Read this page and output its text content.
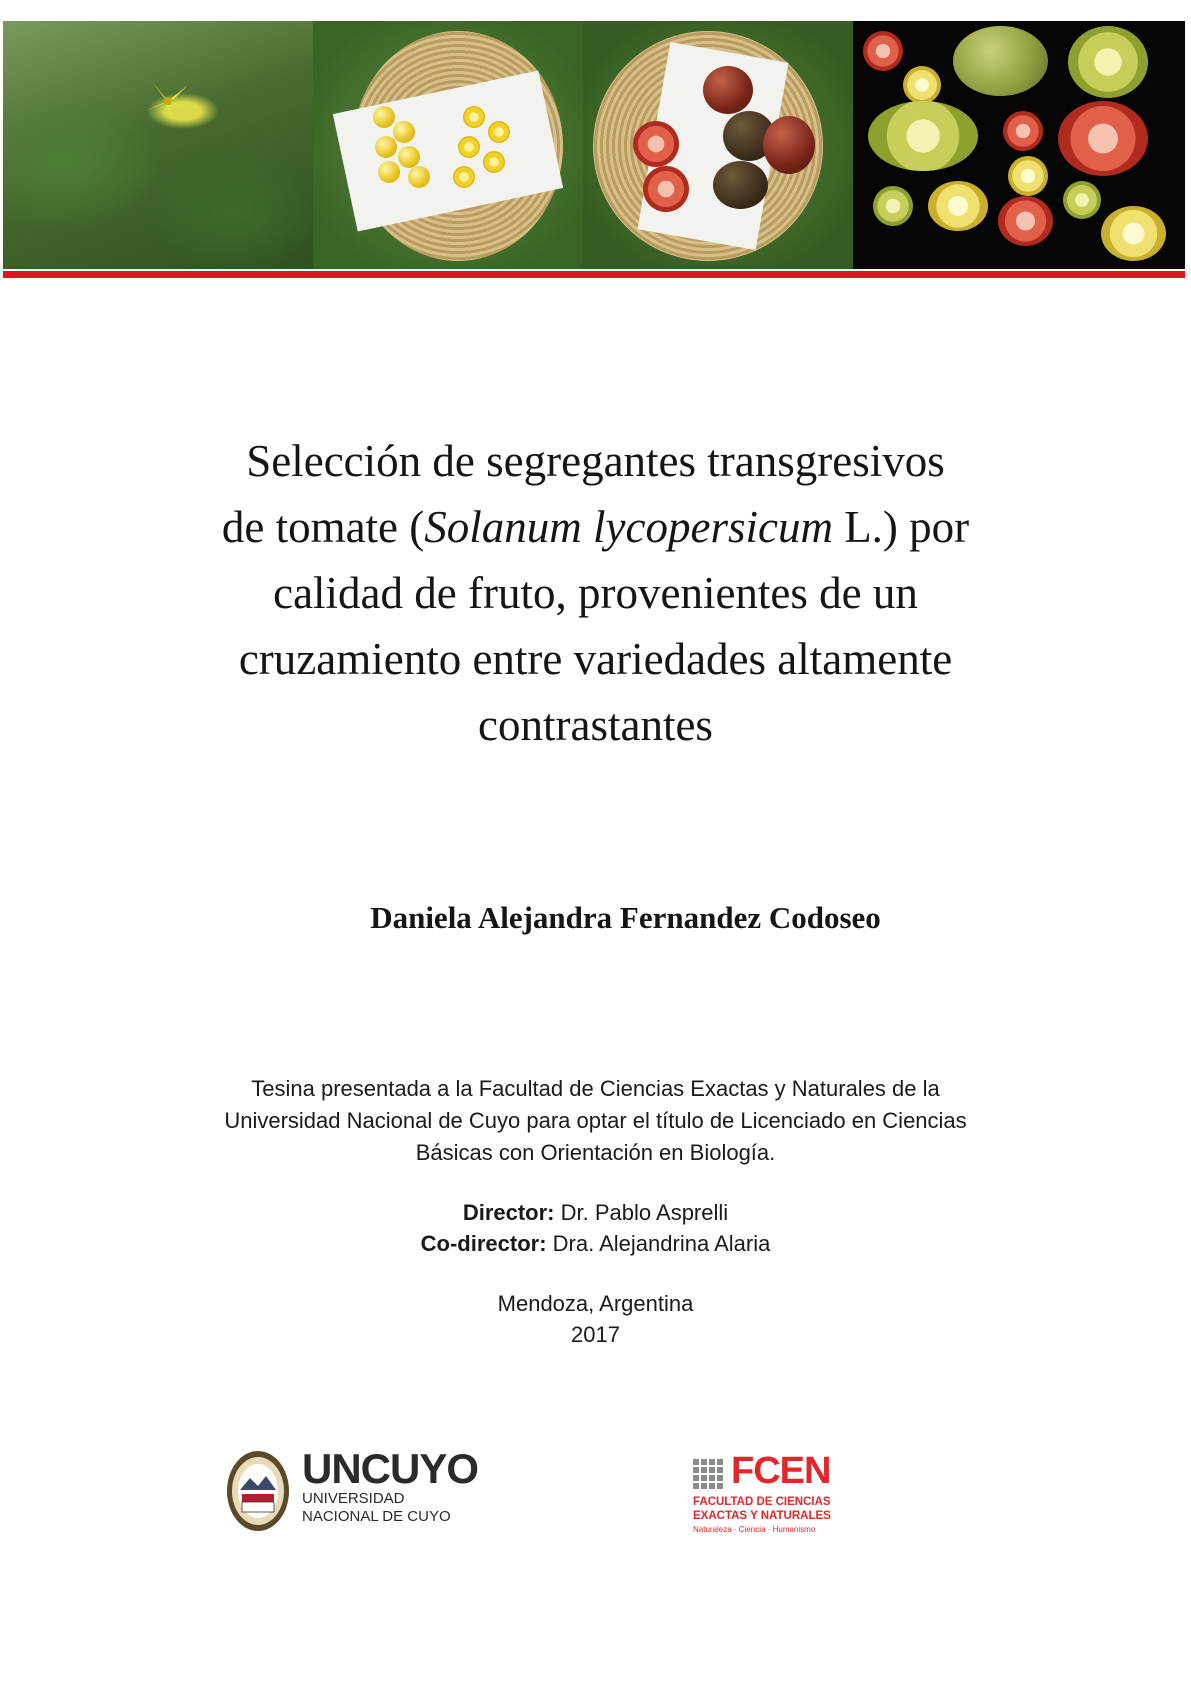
Selección de segregantes transgresivos
de tomate (Solanum lycopersicum L.) por
calidad de fruto, provenientes de un
cruzamiento entre variedades altamente
contrastantes
Daniela Alejandra Fernandez Codoseo
Tesina presentada a la Facultad de Ciencias Exactas y Naturales de la
Universidad Nacional de Cuyo para optar el título de Licenciado en Ciencias
Básicas con Orientación en Biología.
Director: Dr. Pablo Asprelli
Co-director: Dra. Alejandrina Alaria
Mendoza, Argentina
2017
UNCUYO
UNIVERSIDAD
NACIONAL DE CUYO
FCEN
FACULTAD DE CIENCIAS
EXACTAS Y NATURALES
Naturaleza · Ciencia · Humanismo
